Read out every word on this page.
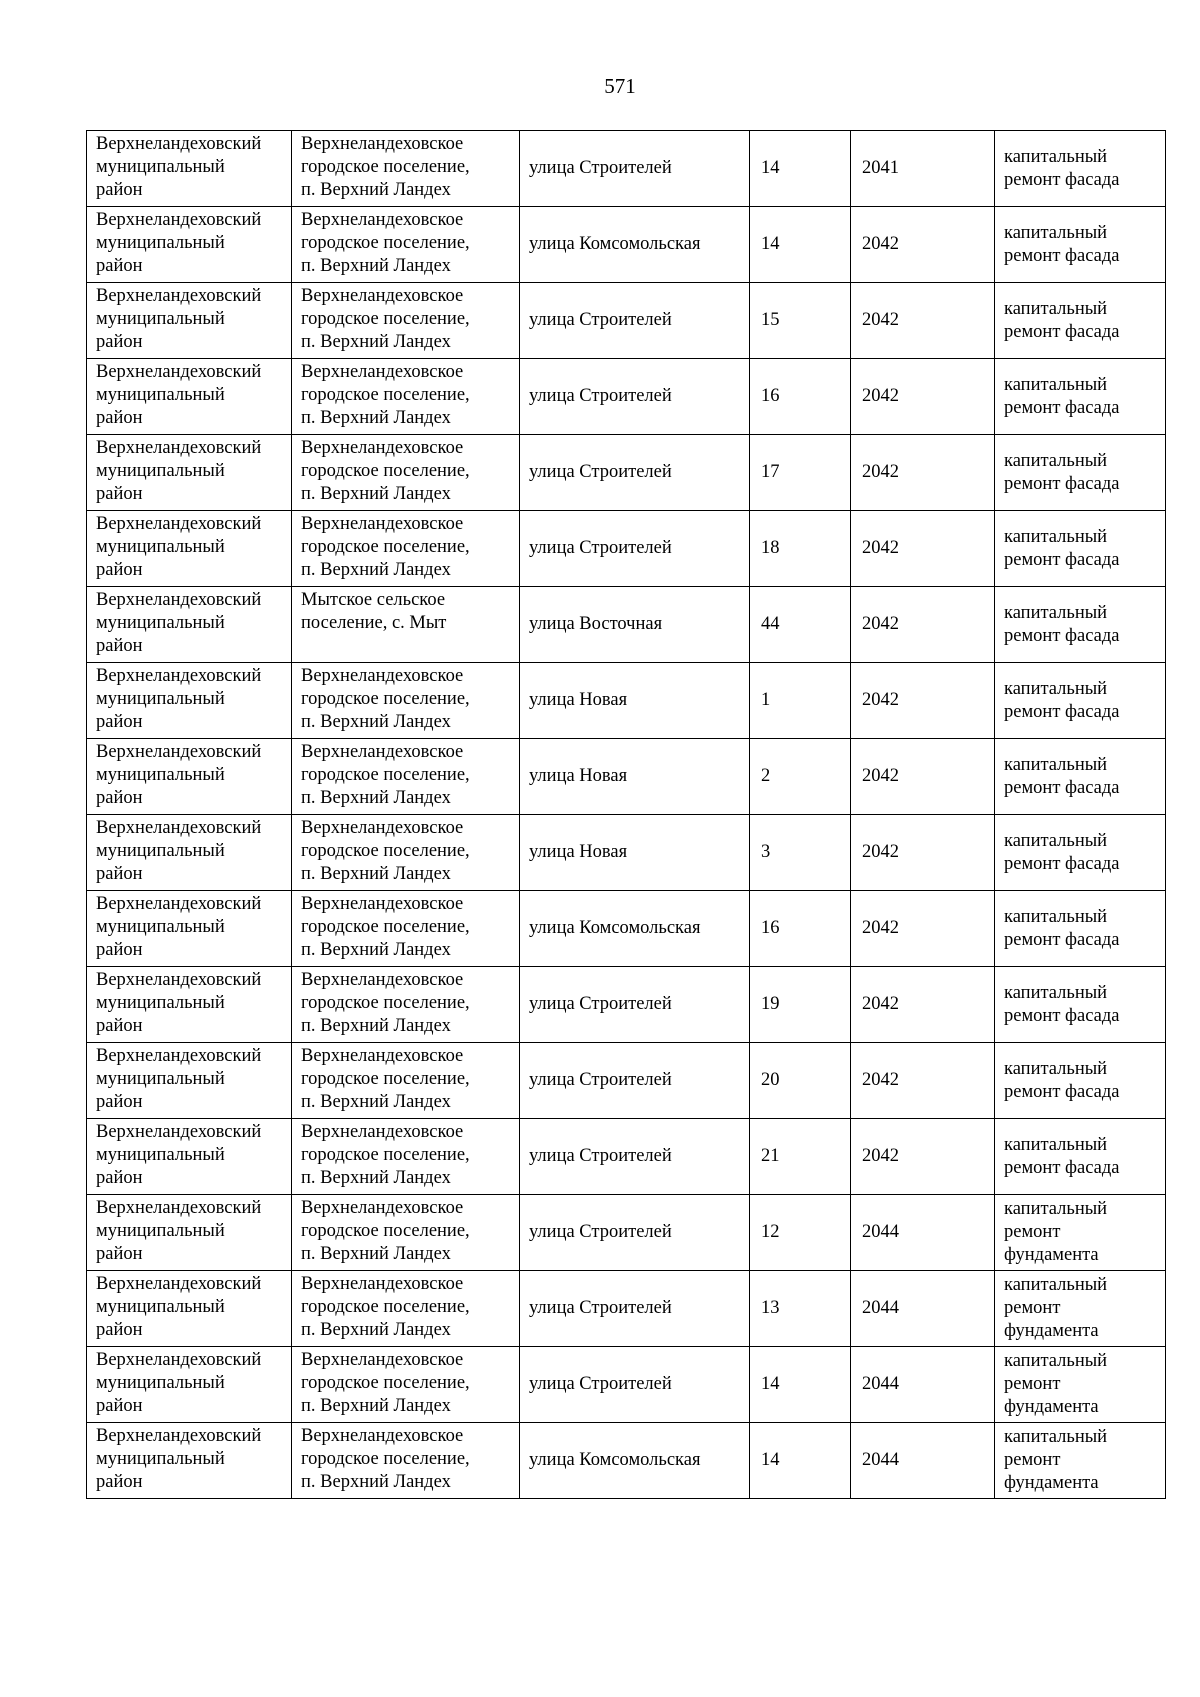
571
Верхнеландеховский
муниципальный
район	Верхнеландеховское
городское поселение,
п. Верхний Ландех	улица Строителей	14	2041	капитальный
ремонт фасада
Верхнеландеховский
муниципальный
район	Верхнеландеховское
городское поселение,
п. Верхний Ландех	улица Комсомольская	14	2042	капитальный
ремонт фасада
Верхнеландеховский
муниципальный
район	Верхнеландеховское
городское поселение,
п. Верхний Ландех	улица Строителей	15	2042	капитальный
ремонт фасада
Верхнеландеховский
муниципальный
район	Верхнеландеховское
городское поселение,
п. Верхний Ландех	улица Строителей	16	2042	капитальный
ремонт фасада
Верхнеландеховский
муниципальный
район	Верхнеландеховское
городское поселение,
п. Верхний Ландех	улица Строителей	17	2042	капитальный
ремонт фасада
Верхнеландеховский
муниципальный
район	Верхнеландеховское
городское поселение,
п. Верхний Ландех	улица Строителей	18	2042	капитальный
ремонт фасада
Верхнеландеховский
муниципальный
район	Мытское сельское
поселение, с. Мыт	улица Восточная	44	2042	капитальный
ремонт фасада
Верхнеландеховский
муниципальный
район	Верхнеландеховское
городское поселение,
п. Верхний Ландех	улица Новая	1	2042	капитальный
ремонт фасада
Верхнеландеховский
муниципальный
район	Верхнеландеховское
городское поселение,
п. Верхний Ландех	улица Новая	2	2042	капитальный
ремонт фасада
Верхнеландеховский
муниципальный
район	Верхнеландеховское
городское поселение,
п. Верхний Ландех	улица Новая	3	2042	капитальный
ремонт фасада
Верхнеландеховский
муниципальный
район	Верхнеландеховское
городское поселение,
п. Верхний Ландех	улица Комсомольская	16	2042	капитальный
ремонт фасада
Верхнеландеховский
муниципальный
район	Верхнеландеховское
городское поселение,
п. Верхний Ландех	улица Строителей	19	2042	капитальный
ремонт фасада
Верхнеландеховский
муниципальный
район	Верхнеландеховское
городское поселение,
п. Верхний Ландех	улица Строителей	20	2042	капитальный
ремонт фасада
Верхнеландеховский
муниципальный
район	Верхнеландеховское
городское поселение,
п. Верхний Ландех	улица Строителей	21	2042	капитальный
ремонт фасада
Верхнеландеховский
муниципальный
район	Верхнеландеховское
городское поселение,
п. Верхний Ландех	улица Строителей	12	2044	капитальный
ремонт
фундамента
Верхнеландеховский
муниципальный
район	Верхнеландеховское
городское поселение,
п. Верхний Ландех	улица Строителей	13	2044	капитальный
ремонт
фундамента
Верхнеландеховский
муниципальный
район	Верхнеландеховское
городское поселение,
п. Верхний Ландех	улица Строителей	14	2044	капитальный
ремонт
фундамента
Верхнеландеховский
муниципальный
район	Верхнеландеховское
городское поселение,
п. Верхний Ландех	улица Комсомольская	14	2044	капитальный
ремонт
фундамента
